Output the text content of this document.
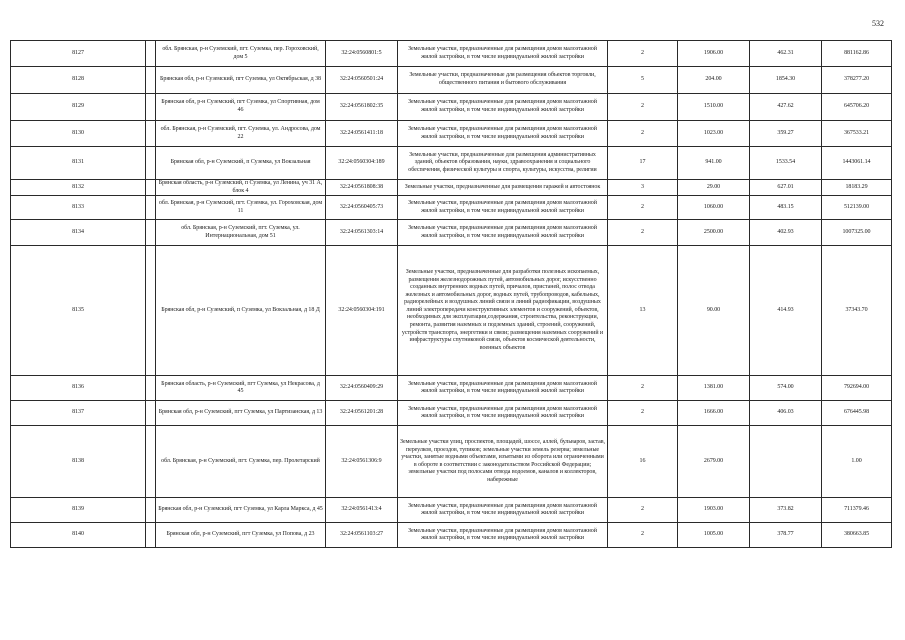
532
8127		обл. Брянская, р-н Суземский, пгт. Суземка, пер. Гороховский, дом 5	32:24:0560801:5	Земельные участки, предназначенные для размещения домов малоэтажной жилой застройки, в том числе индивидуальной жилой застройки	2	1906.00	462.31	881162.86
8128		Брянская обл, р-н Суземский, пгт Суземка, ул Октябрьская, д 38	32:24:0560501:24	Земельные участки, предназначенные для размещения объектов торговли, общественного питания и бытового обслуживания	5	204.00	1854.30	378277.20
8129		Брянская обл, р-н Суземский, пгт Суземка, ул Спортивная, дом 46	32:24:0561802:35	Земельные участки, предназначенные для размещения домов малоэтажной жилой застройки, в том числе индивидуальной жилой застройки	2	1510.00	427.62	645706.20
8130		обл. Брянская, р-н Суземский, пгт. Суземка, ул. Андросова, дом 22	32:24:0561411:18	Земельные участки, предназначенные для размещения домов малоэтажной жилой застройки, в том числе индивидуальной жилой застройки	2	1023.00	359.27	367533.21
8131		Брянская обл, р-н Суземский, п Суземка, ул Вокзальная	32:24:0560304:189	Земельные участки, предназначенные для размещения административных зданий, объектов образования, науки, здравоохранения и социального обеспечения, физической культуры и спорта, культуры, искусства, религии	17	941.00	1533.54	1443061.14
8132		Брянская область, р-н Суземский, п Суземка, ул Ленина, уч 31 А, блок 4	32:24:0561808:38	Земельные участки, предназначенные для размещения гаражей и автостоянок	3	29.00	627.01	18183.29
8133		обл. Брянская, р-н Суземский, пгт. Суземка, ул. Гороховская, дом 11	32:24:0560405:73	Земельные участки, предназначенные для размещения домов малоэтажной жилой застройки, в том числе индивидуальной жилой застройки	2	1060.00	483.15	512139.00
8134		обл. Брянская, р-н Суземский, пгт. Суземка, ул. Интернациональная, дом 51	32:24:0561303:14	Земельные участки, предназначенные для размещения домов малоэтажной жилой застройки, в том числе индивидуальной жилой застройки	2	2500.00	402.93	1007325.00
8135		Брянская обл, р-н Суземский, п Суземка, ул Вокзальная, д 18 Д	32:24:0560304:191	Земельные участки, предназначенные для разработки полезных ископаемых, размещения железнодорожных путей, автомобильных дорог, искусственно созданных внутренних водных путей, причалов, пристаней, полос отвода железных и автомобильных дорог, водных путей, трубопроводов, кабельных, радиорелейных и воздушных линий связи и линий радиофикации, воздушных линий электропередачи конструктивных элементов и сооружений, объектов, необходимых для эксплуатации,содержания, строительства, реконструкции, ремонта, развития наземных и подземных зданий, строений, сооружений, устройств транспорта, энергетики и связи; размещения наземных сооружений и инфраструктуры спутниковой связи, объектов космической деятельности, военных объектов	13	90.00	414.93	37343.70
8136		Брянская область, р-н Суземский, пгт Суземка, ул Некрасова, д 45	32:24:0560409:29	Земельные участки, предназначенные для размещения домов малоэтажной жилой застройки, в том числе индивидуальной жилой застройки	2	1381.00	574.00	792694.00
8137		Брянская обл, р-н Суземский, пгт Суземка, ул Партизанская, д 13	32:24:0561201:28	Земельные участки, предназначенные для размещения домов малоэтажной жилой застройки, в том числе индивидуальной жилой застройки	2	1666.00	406.03	676445.98
8138		обл. Брянская, р-н Суземский, пгт. Суземка, пер. Пролетарский	32:24:0561306:9	Земельные участки улиц, проспектов, площадей, шоссе, аллей, бульваров, застав, переулков, проездов, тупиков; земельные участки земель резерва; земельные участки, занятые водными объектами, изъятыми из оборота или ограниченными в обороте в соответствии с законодательством Российской Федерации; земельные участки под полосами отвода водоемов, каналов и коллекторов, набережные	16	2679.00		1.00
8139		Брянская обл, р-н Суземский, пгт Суземка, ул Карла Маркса, д 45	32:24:0561413:4	Земельные участки, предназначенные для размещения домов малоэтажной жилой застройки, в том числе индивидуальной жилой застройки	2	1903.00	373.82	711379.46
8140		Брянская обл, р-н Суземский, пгт Суземка, ул Попова, д 23	32:24:0561103:27	Земельные участки, предназначенные для размещения домов малоэтажной жилой застройки, в том числе индивидуальной жилой застройки	2	1005.00	378.77	380663.85
